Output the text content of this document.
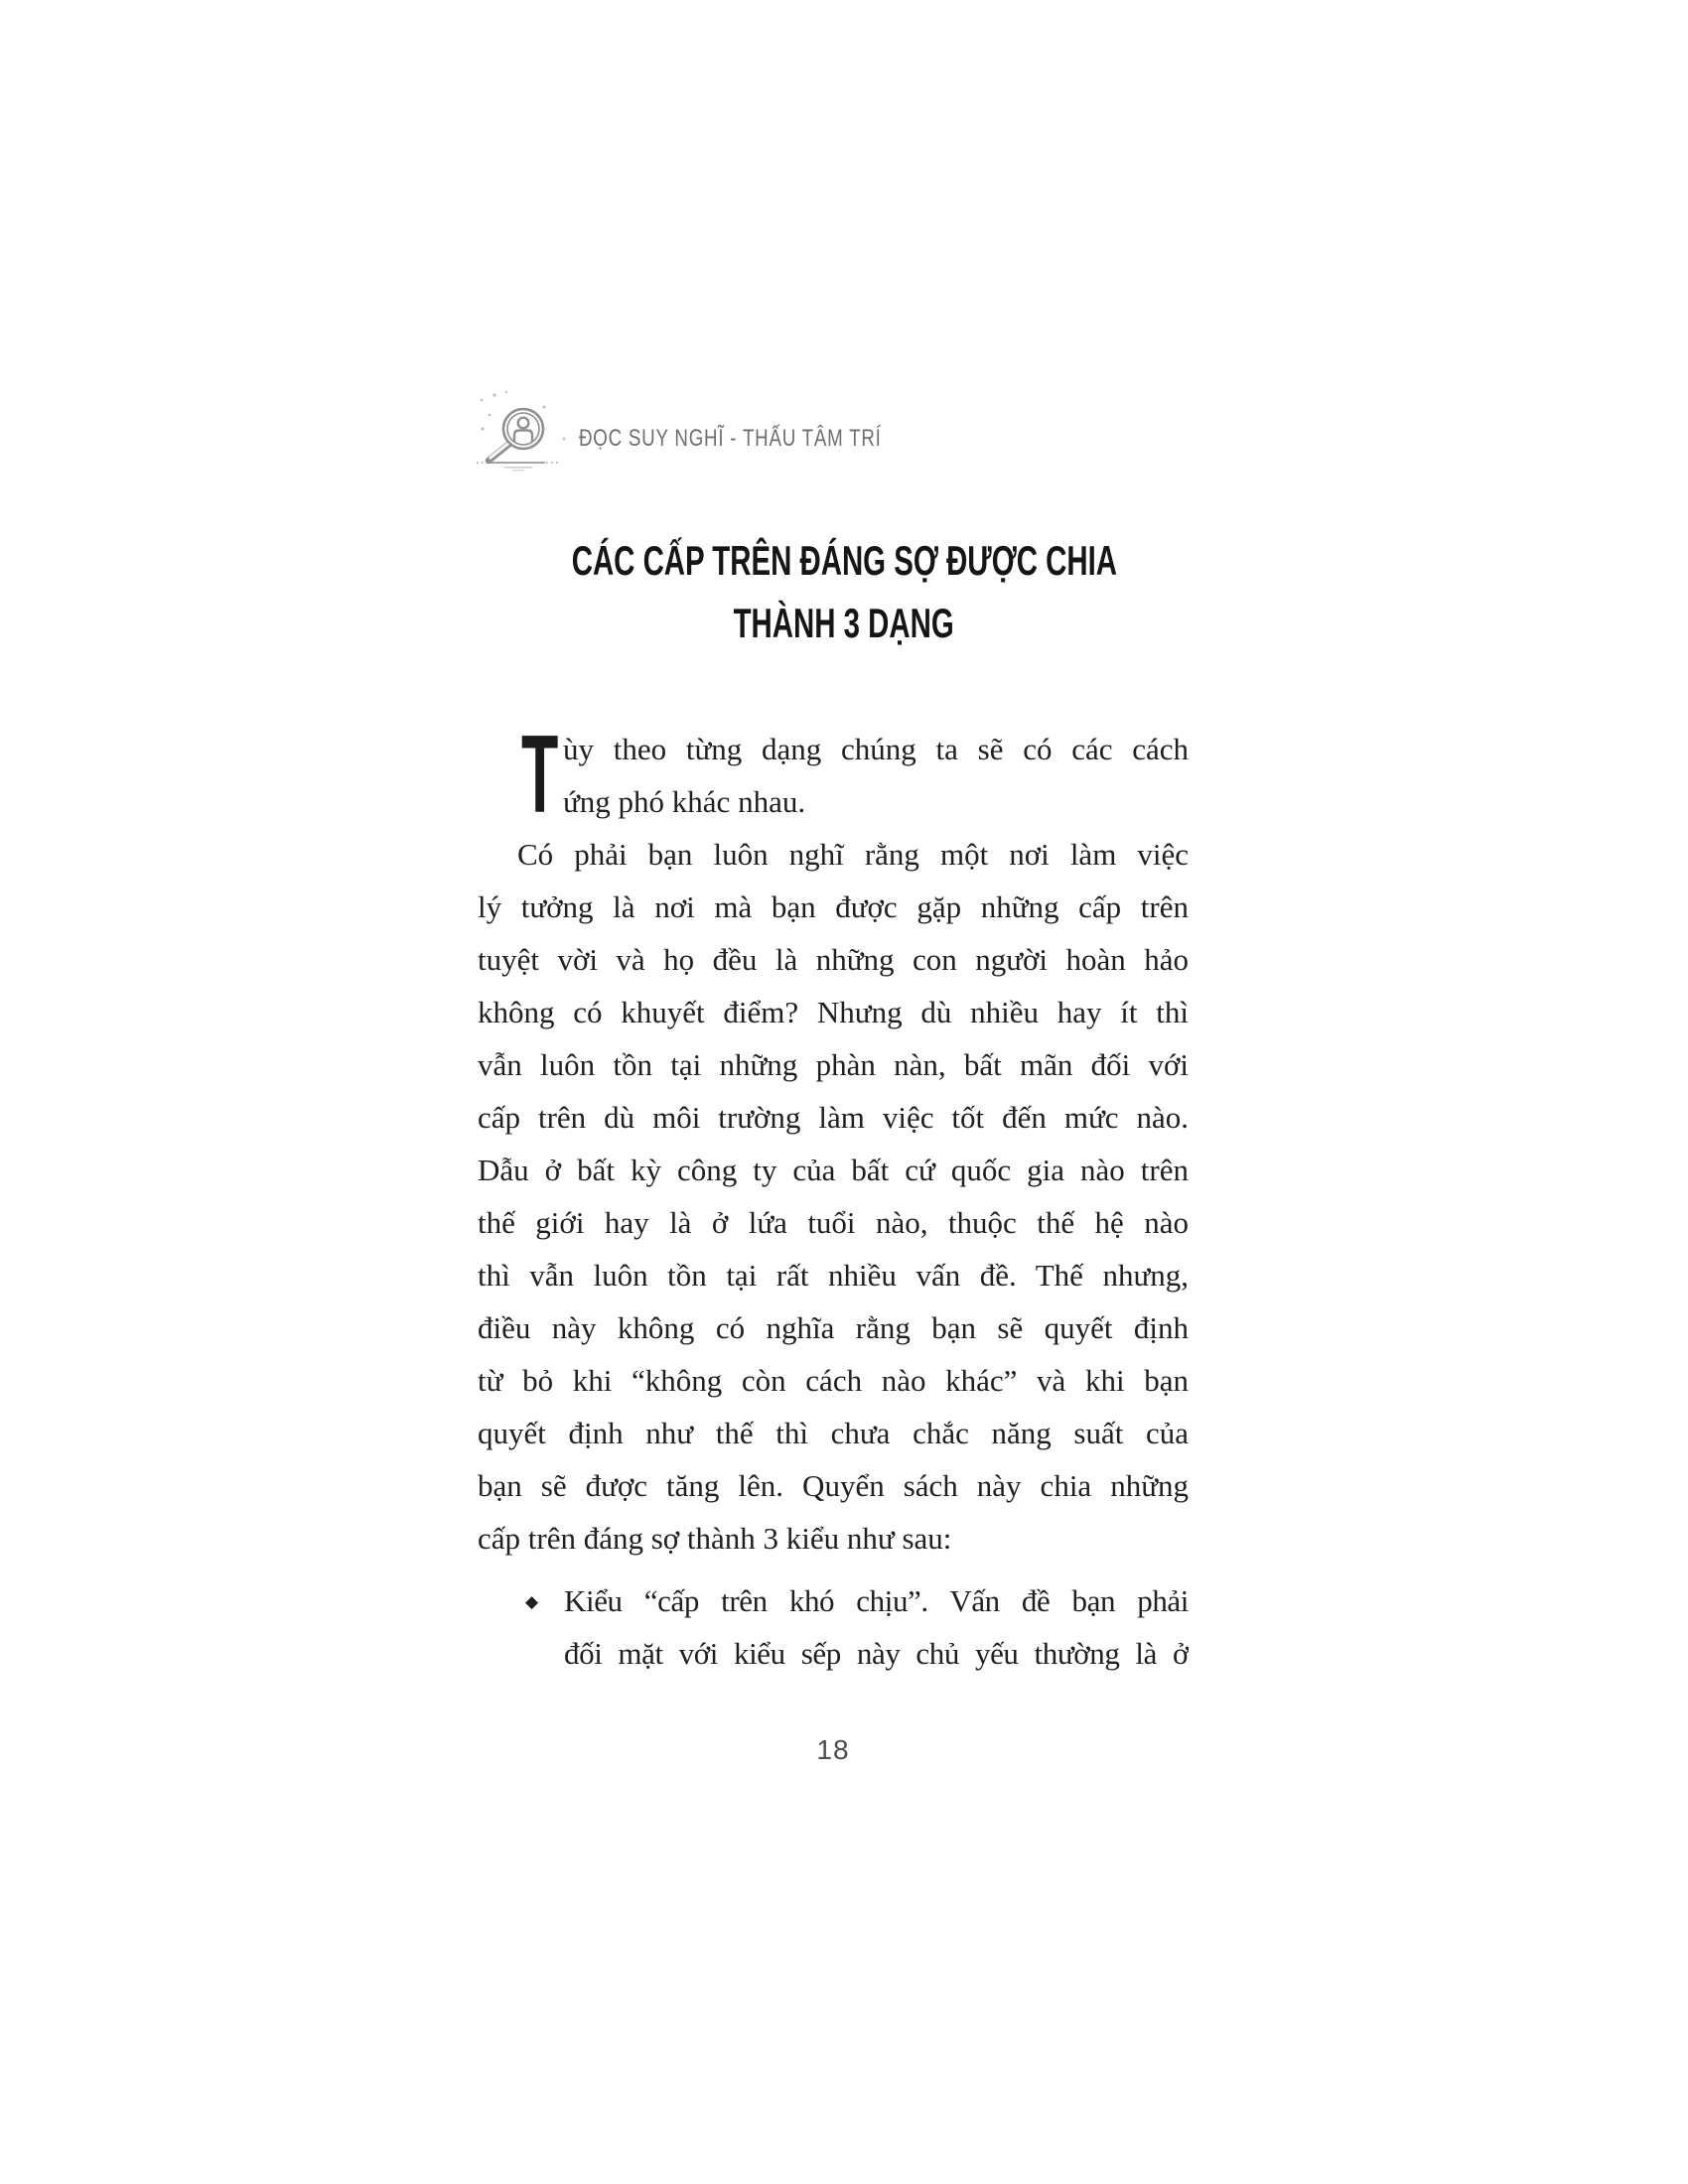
ĐỌC SUY NGHĨ - THẤU TÂM TRÍ
CÁC CẤP TRÊN ĐÁNG SỢ ĐƯỢC CHIA
THÀNH 3 DẠNG
T ùy theo từng dạng chúng ta sẽ có các cách
ứng phó khác nhau.
Có phải bạn luôn nghĩ rằng một nơi làm việc
lý tưởng là nơi mà bạn được gặp những cấp trên
tuyệt vời và họ đều là những con người hoàn hảo
không có khuyết điểm? Nhưng dù nhiều hay ít thì
vẫn luôn tồn tại những phàn nàn, bất mãn đối với
cấp trên dù môi trường làm việc tốt đến mức nào.
Dẫu ở bất kỳ công ty của bất cứ quốc gia nào trên
thế giới hay là ở lứa tuổi nào, thuộc thế hệ nào
thì vẫn luôn tồn tại rất nhiều vấn đề. Thế nhưng,
điều này không có nghĩa rằng bạn sẽ quyết định
từ bỏ khi “không còn cách nào khác” và khi bạn
quyết định như thế thì chưa chắc năng suất của
bạn sẽ được tăng lên. Quyển sách này chia những
cấp trên đáng sợ thành 3 kiểu như sau:
◆ Kiểu “cấp trên khó chịu”. Vấn đề bạn phải
đối mặt với kiểu sếp này chủ yếu thường là ở
18
